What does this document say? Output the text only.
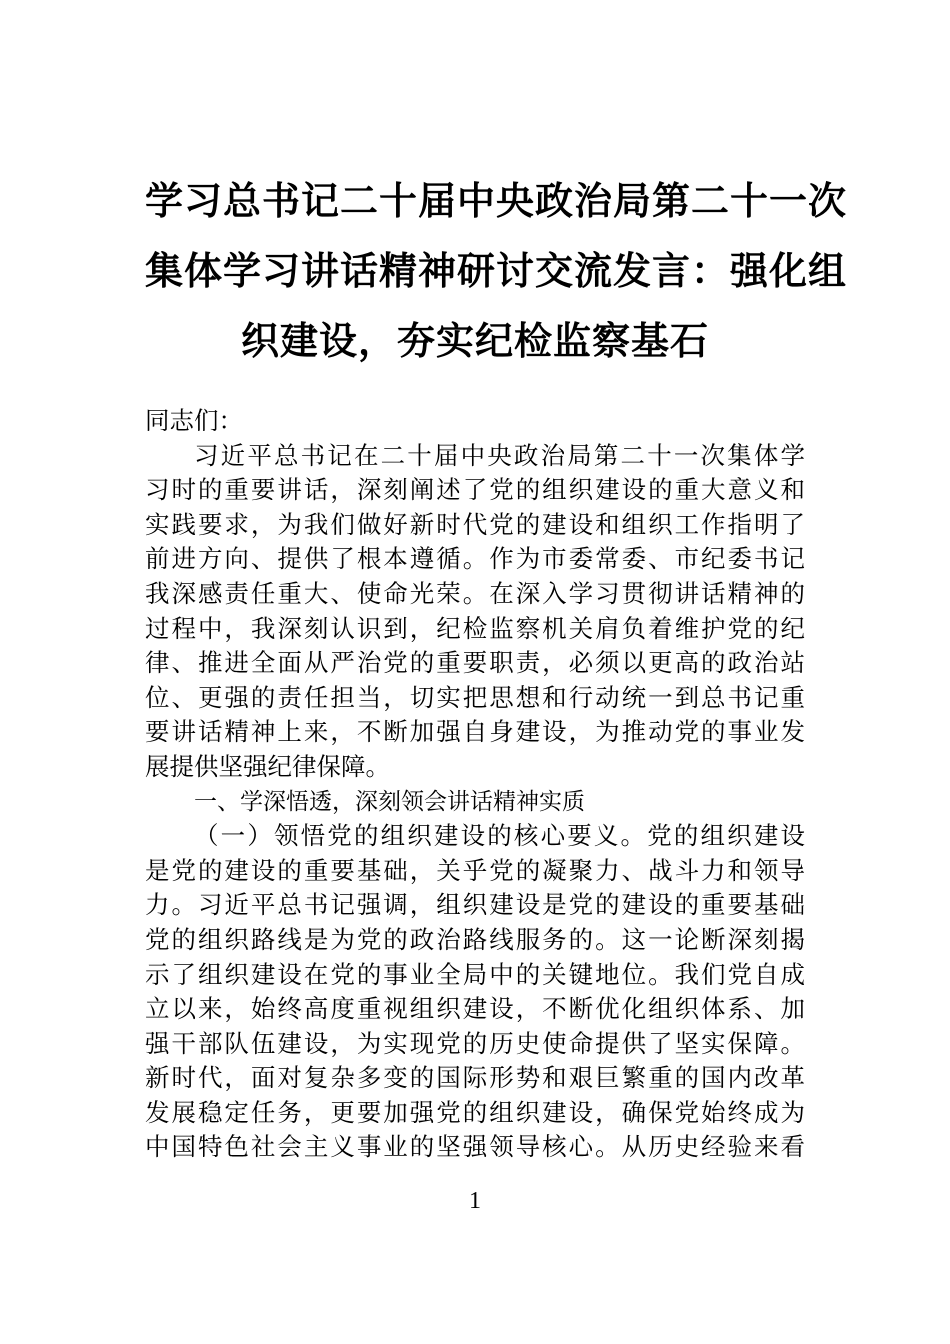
学习总书记二十届中央政治局第二十一次
集体学习讲话精神研讨交流发言：强化组
织建设，夯实纪检监察基石
同志们：
习近平总书记在二十届中央政治局第二十一次集体学
习时的重要讲话，深刻阐述了党的组织建设的重大意义和
实践要求，为我们做好新时代党的建设和组织工作指明了
前进方向、提供了根本遵循。作为市委常委、市纪委书记
我深感责任重大、使命光荣。在深入学习贯彻讲话精神的
过程中，我深刻认识到，纪检监察机关肩负着维护党的纪
律、推进全面从严治党的重要职责，必须以更高的政治站
位、更强的责任担当，切实把思想和行动统一到总书记重
要讲话精神上来，不断加强自身建设，为推动党的事业发
展提供坚强纪律保障。
一、学深悟透，深刻领会讲话精神实质
（一）领悟党的组织建设的核心要义。党的组织建设
是党的建设的重要基础，关乎党的凝聚力、战斗力和领导
力。习近平总书记强调，组织建设是党的建设的重要基础
党的组织路线是为党的政治路线服务的。这一论断深刻揭
示了组织建设在党的事业全局中的关键地位。我们党自成
立以来，始终高度重视组织建设，不断优化组织体系、加
强干部队伍建设，为实现党的历史使命提供了坚实保障。
新时代，面对复杂多变的国际形势和艰巨繁重的国内改革
发展稳定任务，更要加强党的组织建设，确保党始终成为
中国特色社会主义事业的坚强领导核心。从历史经验来看
1
